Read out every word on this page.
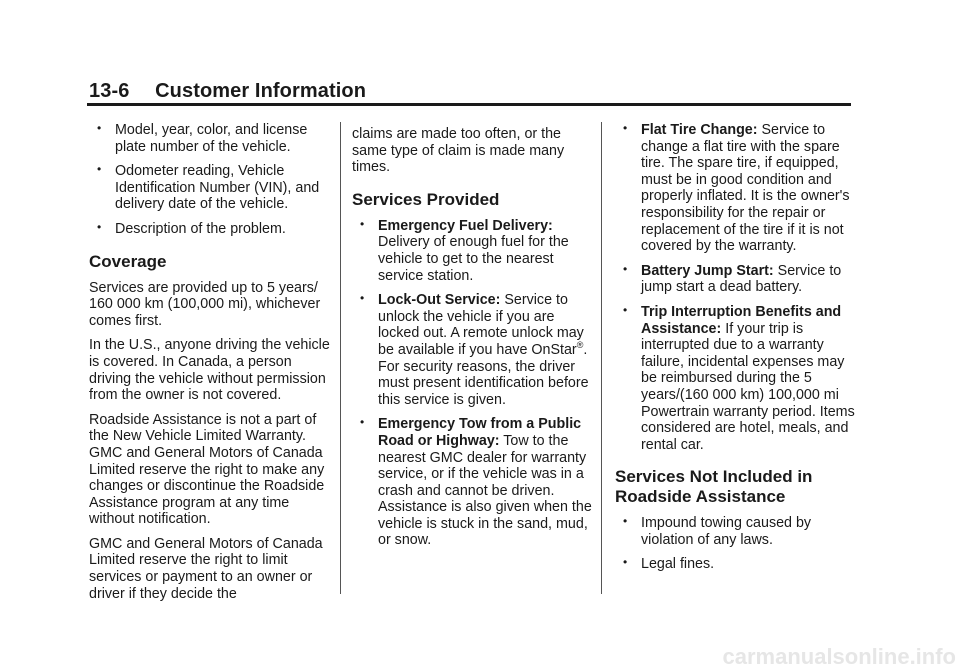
13-6 Customer Information
• Model, year, color, and license plate number of the vehicle.
• Odometer reading, Vehicle Identification Number (VIN), and delivery date of the vehicle.
• Description of the problem.
Coverage

Services are provided up to 5 years/ 160 000 km (100,000 mi), whichever comes first.

In the U.S., anyone driving the vehicle is covered. In Canada, a person driving the vehicle without permission from the owner is not covered.

Roadside Assistance is not a part of the New Vehicle Limited Warranty. GMC and General Motors of Canada Limited reserve the right to make any changes or discontinue the Roadside Assistance program at any time without notification.

GMC and General Motors of Canada Limited reserve the right to limit services or payment to an owner or driver if they decide the

claims are made too often, or the same type of claim is made many times.

Services Provided
• Emergency Fuel Delivery:
Delivery of enough fuel for the vehicle to get to the nearest service station.
• Lock-Out Service: Service to unlock the vehicle if you are locked out. A remote unlock may be available if you have OnStar®. For security reasons, the driver must present identification before this service is given.
• Emergency Tow from a Public Road or Highway: Tow to the nearest GMC dealer for warranty service, or if the vehicle was in a crash and cannot be driven. Assistance is also given when the vehicle is stuck in the sand, mud, or snow.
• Flat Tire Change: Service to change a flat tire with the spare tire. The spare tire, if equipped, must be in good condition and properly inflated. It is the owner's responsibility for the repair or replacement of the tire if it is not covered by the warranty.
• Battery Jump Start: Service to jump start a dead battery.
• Trip Interruption Benefits and Assistance: If your trip is interrupted due to a warranty failure, incidental expenses may be reimbursed during the 5 years/(160 000 km) 100,000 mi Powertrain warranty period. Items considered are hotel, meals, and rental car.
Services Not Included in Roadside Assistance
• Impound towing caused by violation of any laws.
• Legal fines.
carmanualsonline.info
